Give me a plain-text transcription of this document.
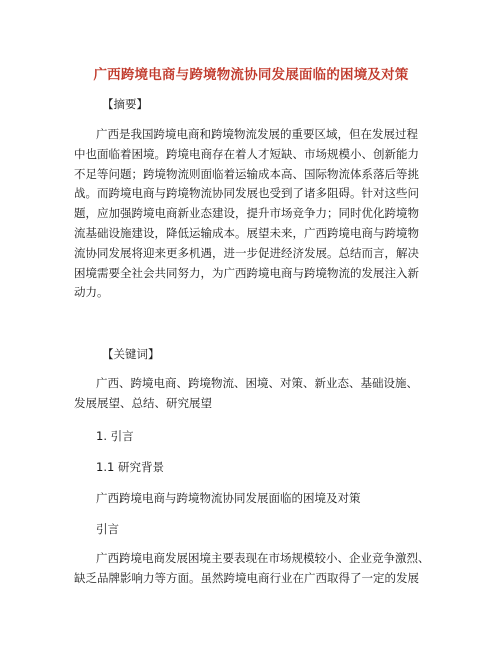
广西跨境电商与跨境物流协同发展面临的困境及对策
【摘要】
广西是我国跨境电商和跨境物流发展的重要区域，但在发展过程
中也面临着困境。跨境电商存在着人才短缺、市场规模小、创新能力
不足等问题；跨境物流则面临着运输成本高、国际物流体系落后等挑
战。而跨境电商与跨境物流协同发展也受到了诸多阻碍。针对这些问
题，应加强跨境电商新业态建设，提升市场竞争力；同时优化跨境物
流基础设施建设，降低运输成本。展望未来，广西跨境电商与跨境物
流协同发展将迎来更多机遇，进一步促进经济发展。总结而言，解决
困境需要全社会共同努力，为广西跨境电商与跨境物流的发展注入新
动力。
【关键词】
广西、跨境电商、跨境物流、困境、对策、新业态、基础设施、
发展展望、总结、研究展望
1. 引言
1.1 研究背景
广西跨境电商与跨境物流协同发展面临的困境及对策
引言
广西跨境电商发展困境主要表现在市场规模较小、企业竞争激烈、
缺乏品牌影响力等方面。虽然跨境电商行业在广西取得了一定的发展
